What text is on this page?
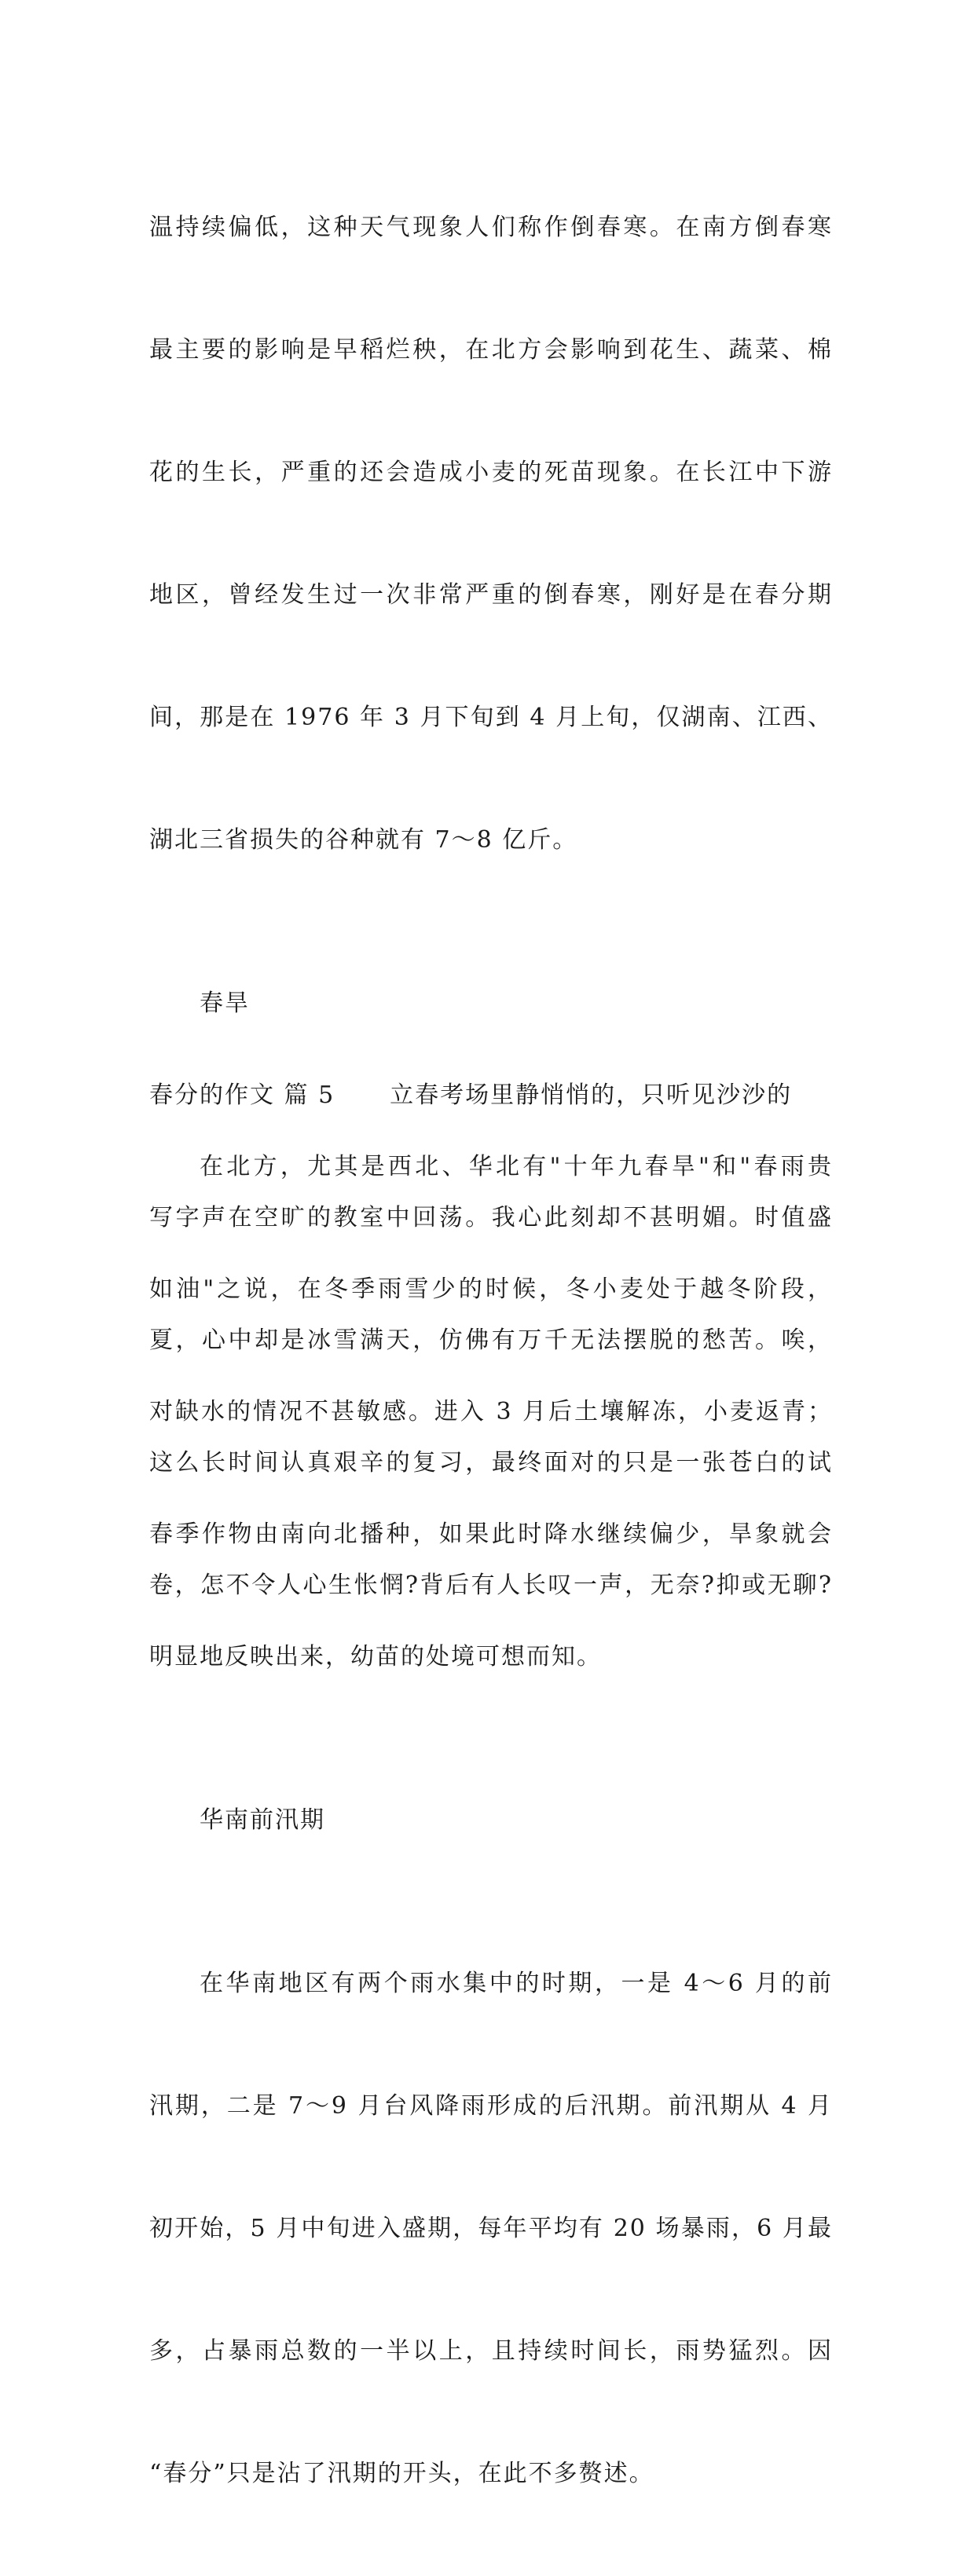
温持续偏低，这种天气现象人们称作倒春寒。在南方倒春寒

最主要的影响是早稻烂秧，在北方会影响到花生、蔬菜、棉

花的生长，严重的还会造成小麦的死苗现象。在长江中下游

地区，曾经发生过一次非常严重的倒春寒，刚好是在春分期

间，那是在 1976 年 3 月下旬到 4 月上旬，仅湖南、江西、

湖北三省损失的谷种就有 7～8 亿斤。

春旱

在北方，尤其是西北、华北有"十年九春旱"和"春雨贵

如油"之说，在冬季雨雪少的时候，冬小麦处于越冬阶段，

对缺水的情况不甚敏感。进入 3 月后土壤解冻，小麦返青；

春季作物由南向北播种，如果此时降水继续偏少，旱象就会

明显地反映出来，幼苗的处境可想而知。

华南前汛期

在华南地区有两个雨水集中的时期，一是 4～6 月的前

汛期，二是 7～9 月台风降雨形成的后汛期。前汛期从 4 月

初开始，5 月中旬进入盛期，每年平均有 20 场暴雨，6 月最

多，占暴雨总数的一半以上，且持续时间长，雨势猛烈。因

“春分”只是沾了汛期的开头，在此不多赘述。

春分的作文 篇 5 立春考场里静悄悄的，只听见沙沙的

写字声在空旷的教室中回荡。我心此刻却不甚明媚。时值盛

夏，心中却是冰雪满天，仿佛有万千无法摆脱的愁苦。唉，

这么长时间认真艰辛的复习，最终面对的只是一张苍白的试

卷，怎不令人心生怅惘?背后有人长叹一声，无奈?抑或无聊?
